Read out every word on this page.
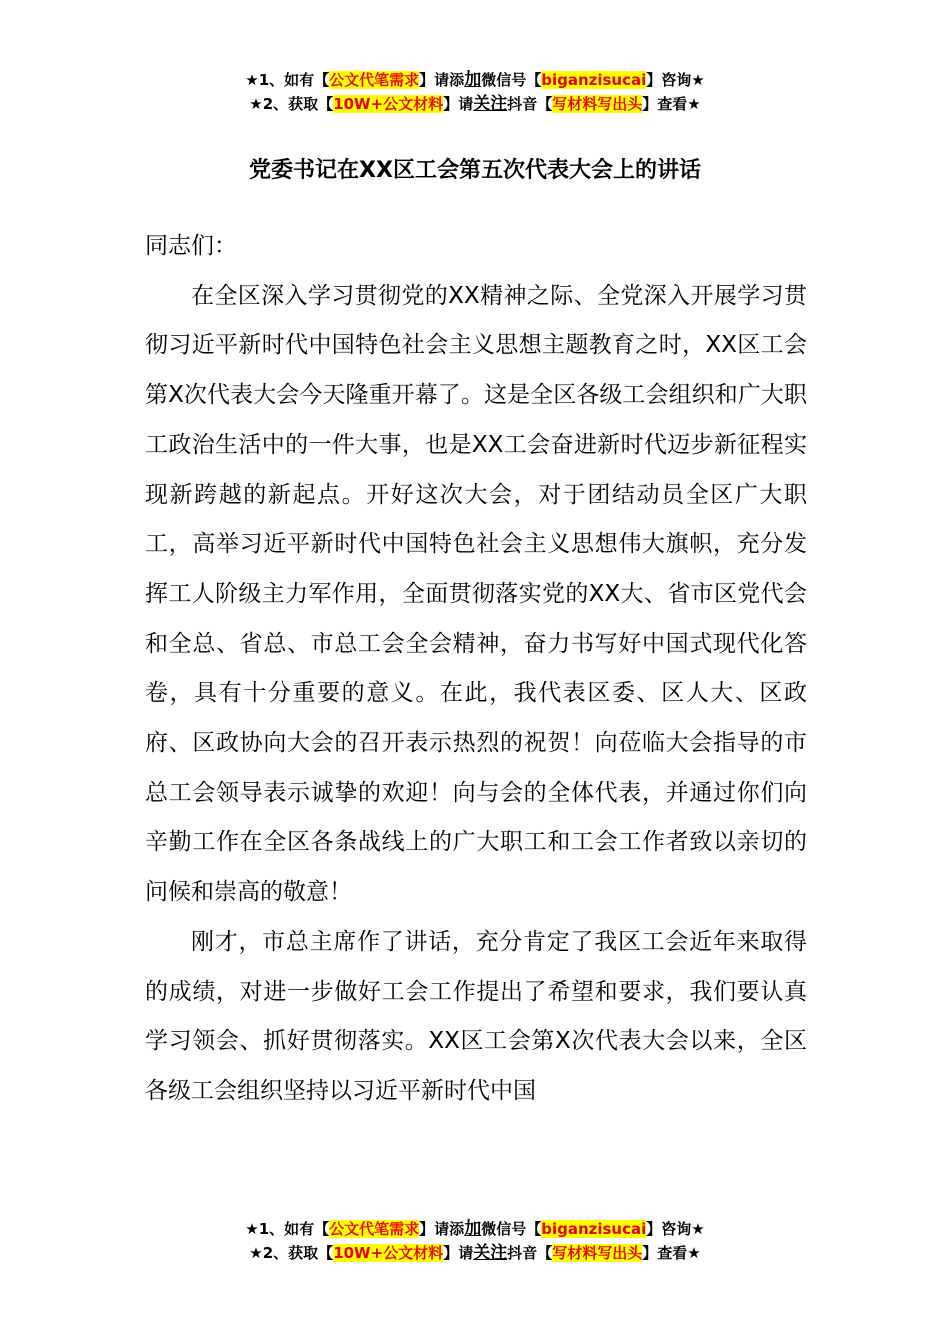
★1、如有【公文代笔需求】请添加微信号【biganzisucai】咨询★
★2、获取【10W+公文材料】请关注抖音【写材料写出头】查看★
党委书记在XX区工会第五次代表大会上的讲话

同志们：

在全区深入学习贯彻党的XX精神之际、全党深入开展学习贯彻习近平新时代中国特色社会主义思想主题教育之时，XX区工会第X次代表大会今天隆重开幕了。这是全区各级工会组织和广大职工政治生活中的一件大事，也是XX工会奋进新时代迈步新征程实现新跨越的新起点。开好这次大会，对于团结动员全区广大职工，高举习近平新时代中国特色社会主义思想伟大旗帜，充分发挥工人阶级主力军作用，全面贯彻落实党的XX大、省市区党代会和全总、省总、市总工会全会精神，奋力书写好中国式现代化答卷，具有十分重要的意义。在此，我代表区委、区人大、区政府、区政协向大会的召开表示热烈的祝贺！向莅临大会指导的市总工会领导表示诚挚的欢迎！向与会的全体代表，并通过你们向辛勤工作在全区各条战线上的广大职工和工会工作者致以亲切的问候和崇高的敬意！

刚才，市总主席作了讲话，充分肯定了我区工会近年来取得的成绩，对进一步做好工会工作提出了希望和要求，我们要认真学习领会、抓好贯彻落实。XX区工会第X次代表大会以来，全区各级工会组织坚持以习近平新时代中国

★1、如有【公文代笔需求】请添加微信号【biganzisucai】咨询★
★2、获取【10W+公文材料】请关注抖音【写材料写出头】查看★
